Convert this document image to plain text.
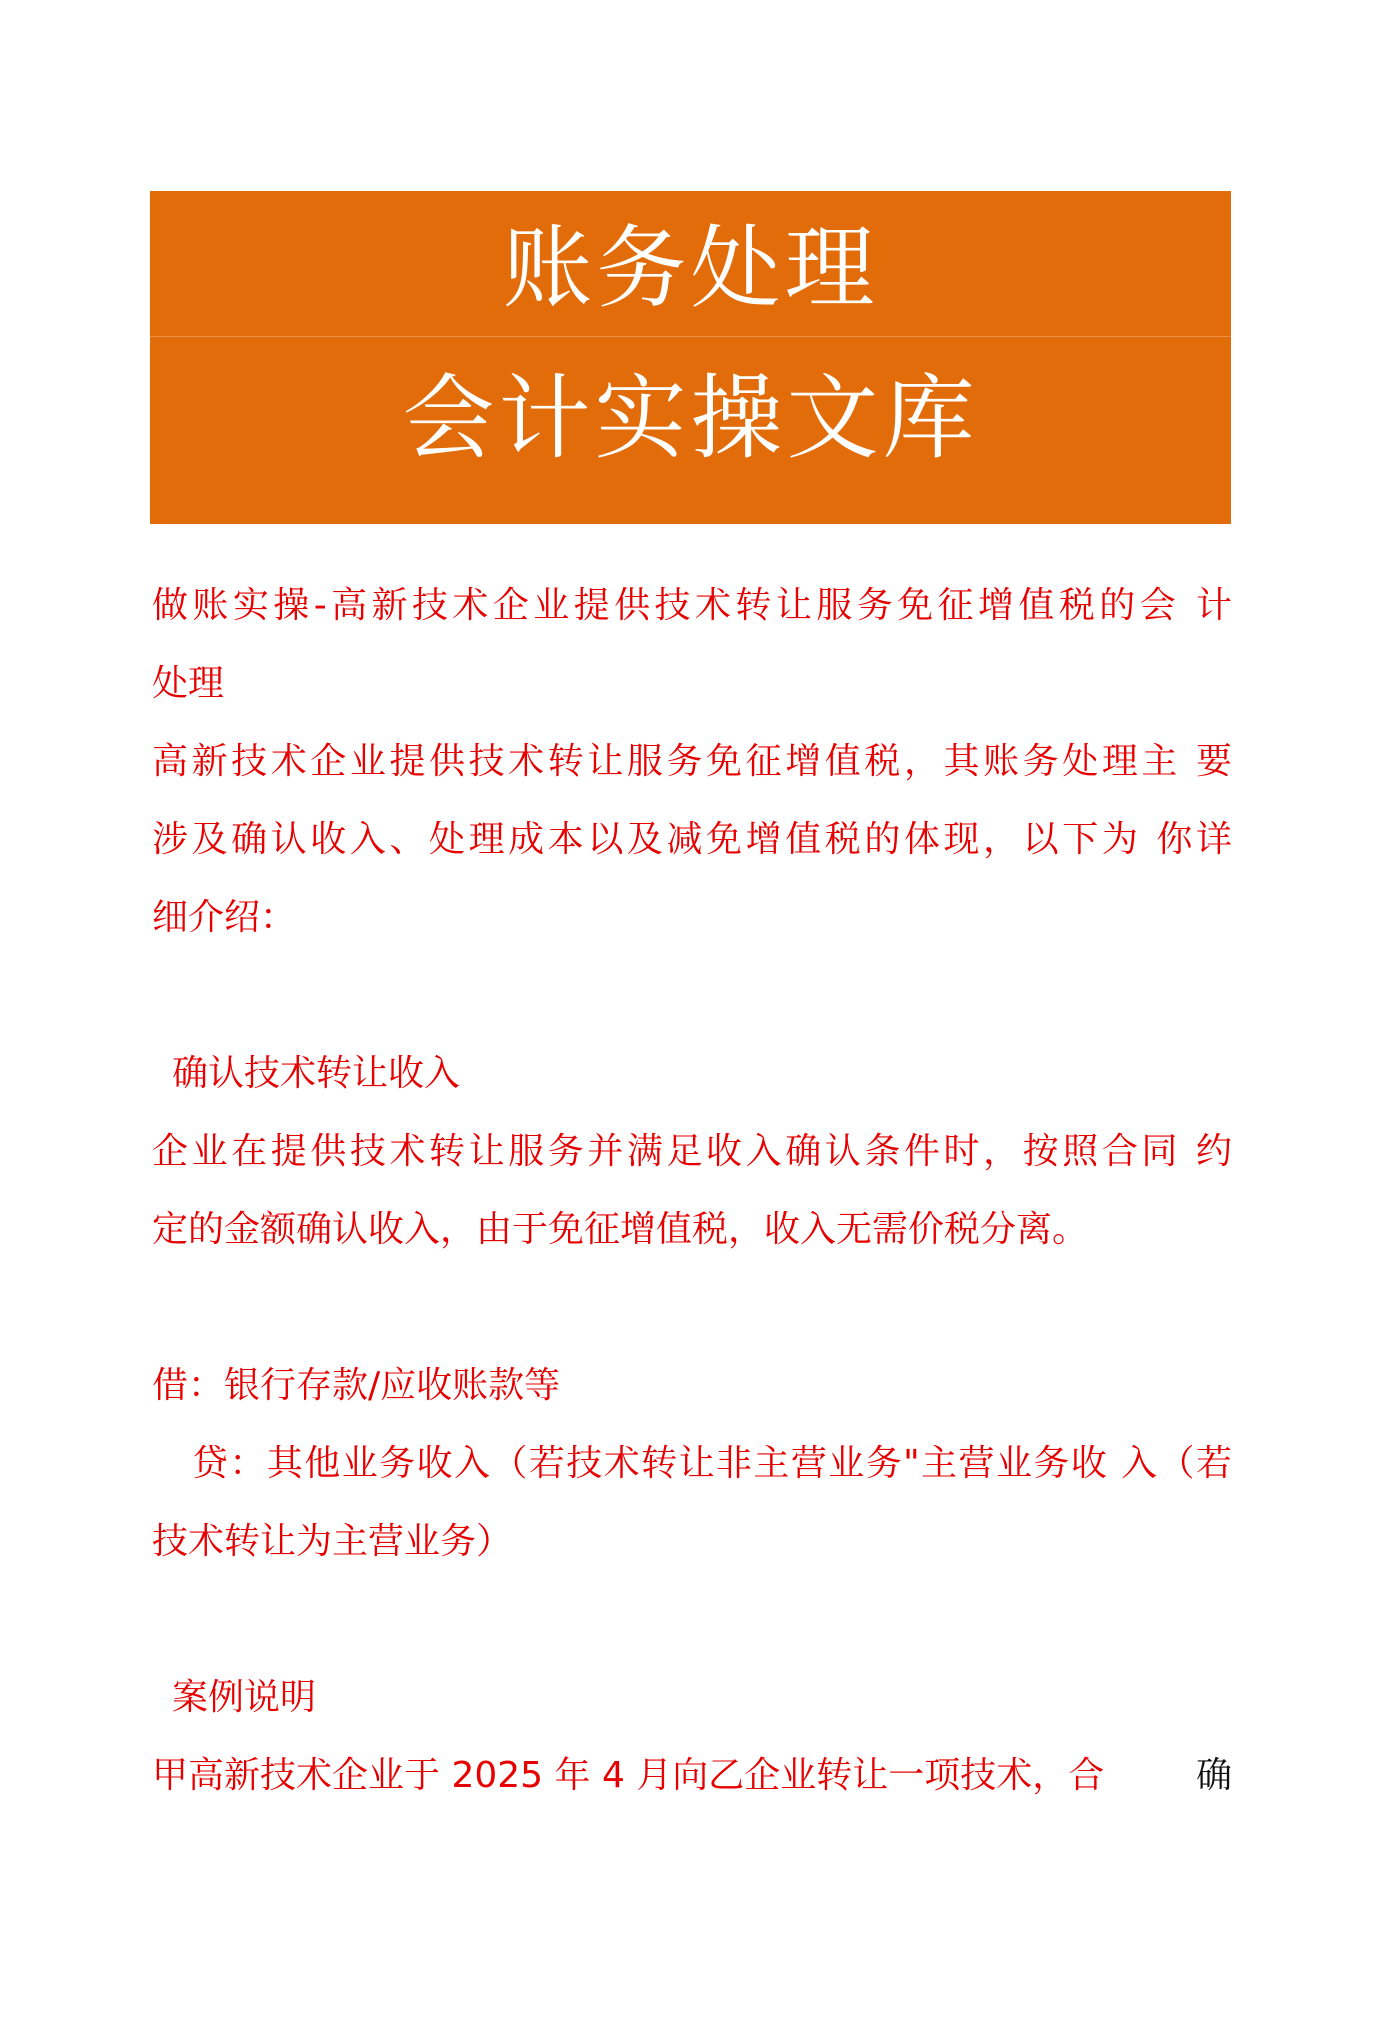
账务处理
会计实操文库
做账实操-高新技术企业提供技术转让服务免征增值税的会 计
处理
高新技术企业提供技术转让服务免征增值税，其账务处理主 要
涉及确认收入、处理成本以及减免增值税的体现，以下为 你详
细介绍：
确认技术转让收入
企业在提供技术转让服务并满足收入确认条件时，按照合同 约
定的金额确认收入，由于免征增值税，收入无需价税分离。
借：银行存款/应收账款等
贷：其他业务收入（若技术转让非主营业务"主营业务收 入（若
技术转让为主营业务）
案例说明
甲高新技术企业于 2025 年 4 月向乙企业转让一项技术，合	确
